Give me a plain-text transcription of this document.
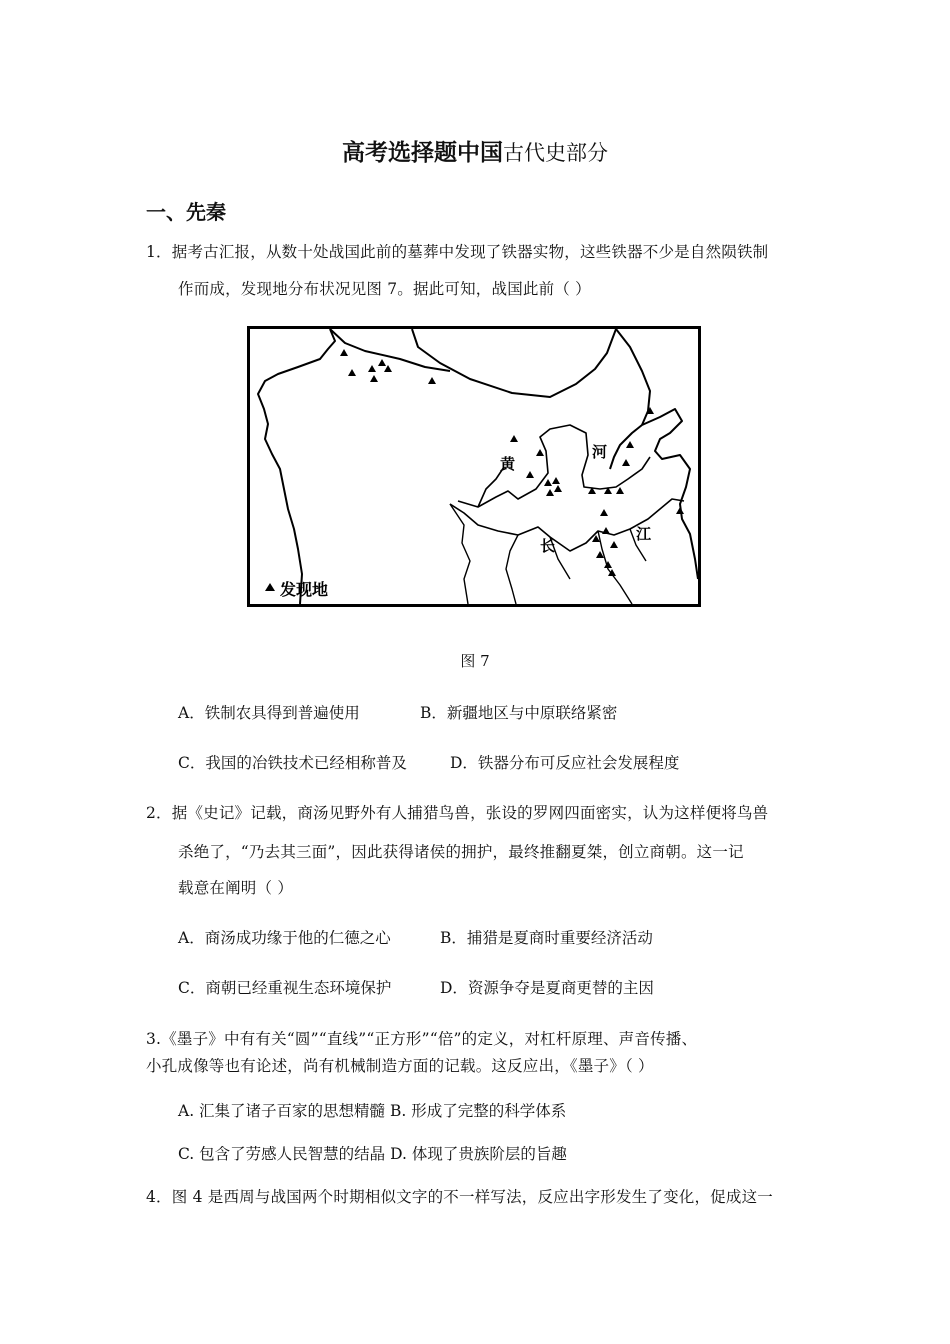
高考选择题中国古代史部分
一、先秦
1．据考古汇报，从数十处战国此前的墓葬中发现了铁器实物，这些铁器不少是自然陨铁制
作而成，发现地分布状况见图 7。据此可知，战国此前（ ）
黄
河
长
江
发现地
图 7
A．铁制农具得到普遍使用	B．新疆地区与中原联络紧密
C．我国的冶铁技术已经相称普及	D．铁器分布可反应社会发展程度
2．据《史记》记载，商汤见野外有人捕猎鸟兽，张设的罗网四面密实，认为这样便将鸟兽
杀绝了，“乃去其三面”，因此获得诸侯的拥护，最终推翻夏桀，创立商朝。这一记
载意在阐明（ ）
A．商汤成功缘于他的仁德之心	B．捕猎是夏商时重要经济活动
C．商朝已经重视生态环境保护	D．资源争夺是夏商更替的主因
3.《墨子》中有有关“圆”“直线”“正方形”“倍”的定义，对杠杆原理、声音传播、
小孔成像等也有论述，尚有机械制造方面的记载。这反应出，《墨子》（ ）
A. 汇集了诸子百家的思想精髓 B. 形成了完整的科学体系
C. 包含了劳感人民智慧的结晶 D. 体现了贵族阶层的旨趣
4．图 4 是西周与战国两个时期相似文字的不一样写法，反应出字形发生了变化，促成这一
